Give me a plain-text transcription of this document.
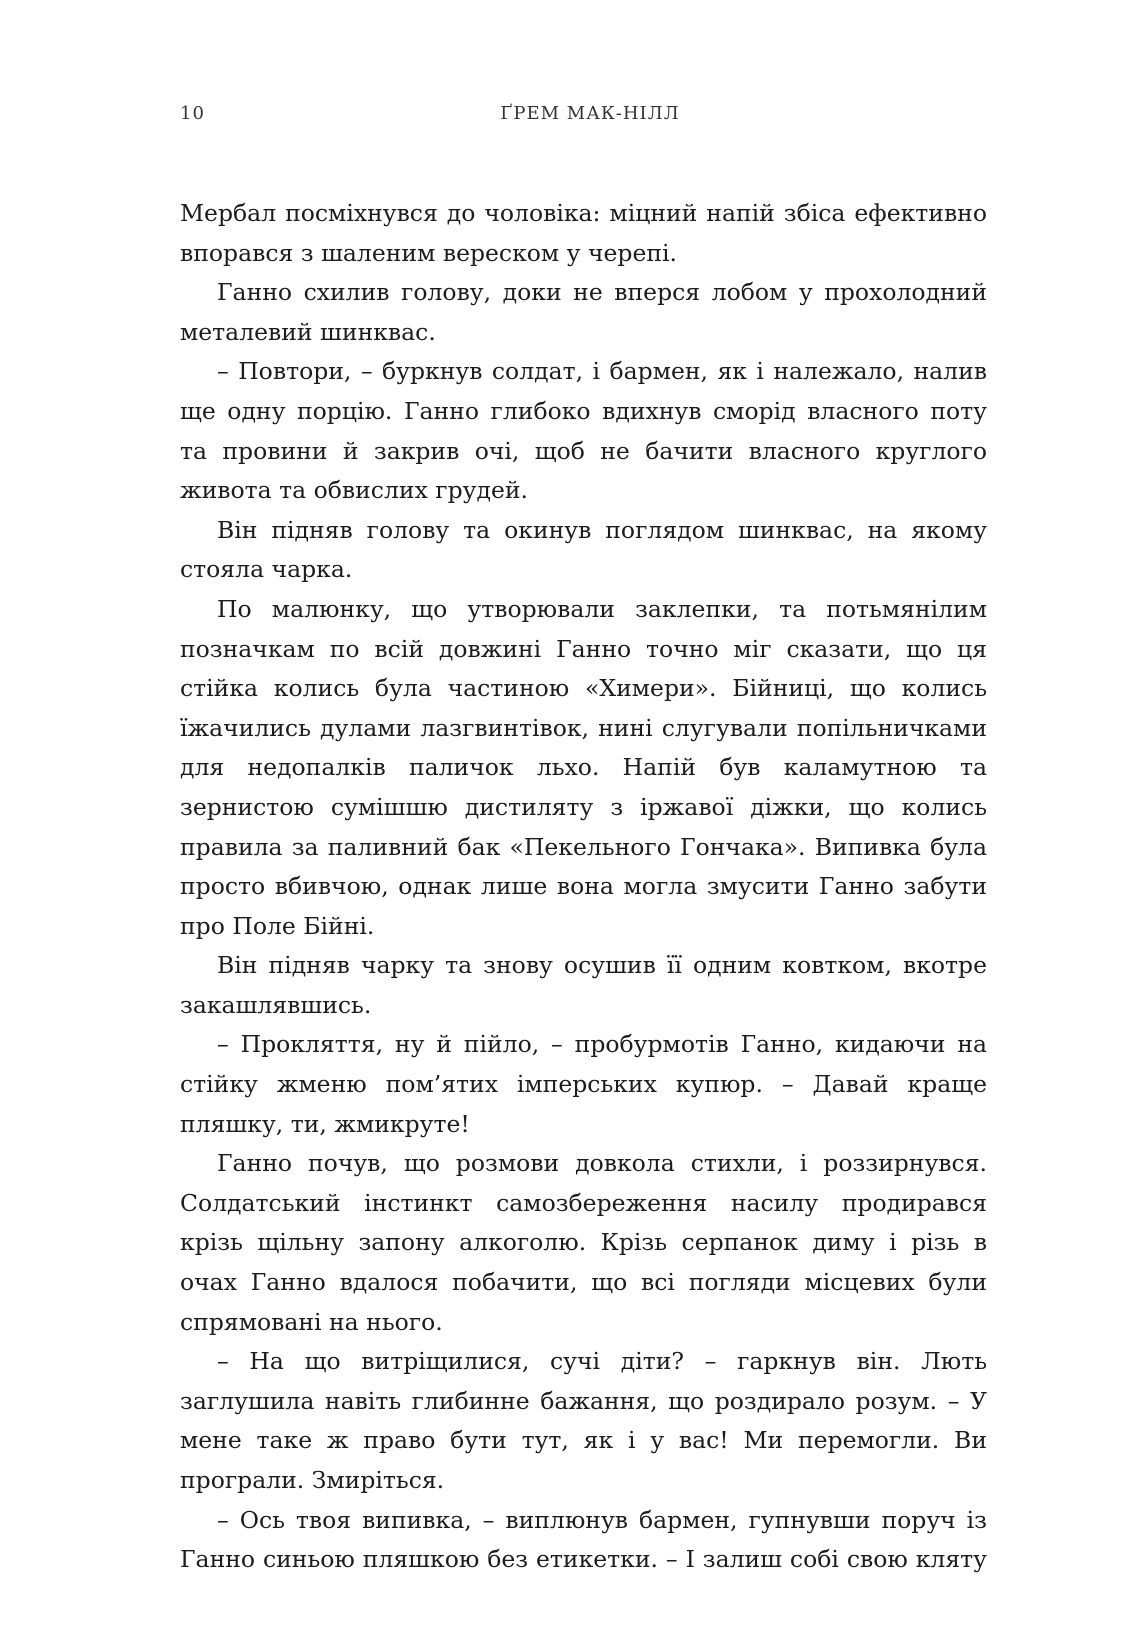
10	ҐРЕМ МАК-НІЛЛ

Мербал посміхнувся до чоловіка: міцний напій збіса ефективно впорався з шаленим вереском у черепі.

Ганно схилив голову, доки не вперся лобом у прохолодний металевий шинквас.

– Повтори, – буркнув солдат, і бармен, як і належало, налив ще одну порцію. Ганно глибоко вдихнув сморід власного поту та провини й закрив очі, щоб не бачити власного круглого живота та обвислих грудей.

Він підняв голову та окинув поглядом шинквас, на якому стояла чарка.

По малюнку, що утворювали заклепки, та потьмянілим позначкам по всій довжині Ганно точно міг сказати, що ця стійка колись була частиною «Химери». Бійниці, що колись їжачились дулами лазгвинтівок, нині слугували попільничками для недопалків паличок льхо. Напій був каламутною та зернистою сумішшю дистиляту з іржавої діжки, що колись правила за паливний бак «Пекельного Гончака». Випивка була просто вбивчою, однак лише вона могла змусити Ганно забути про Поле Бійні.

Він підняв чарку та знову осушив її одним ковтком, вкотре закашлявшись.

– Прокляття, ну й пійло, – пробурмотів Ганно, кидаючи на стійку жменю пом’ятих імперських купюр. – Давай краще пляшку, ти, жмикруте!

Ганно почув, що розмови довкола стихли, і роззирнувся. Солдатський інстинкт самозбереження насилу продирався крізь щільну запону алкоголю. Крізь серпанок диму і різь в очах Ганно вдалося побачити, що всі погляди місцевих були спрямовані на нього.

– На що витріщилися, сучі діти? – гаркнув він. Лють заглушила навіть глибинне бажання, що роздирало розум. – У мене таке ж право бути тут, як і у вас! Ми перемогли. Ви програли. Змиріться.

– Ось твоя випивка, – виплюнув бармен, гупнувши поруч із Ганно синьою пляшкою без етикетки. – І залиш собі свою кляту
